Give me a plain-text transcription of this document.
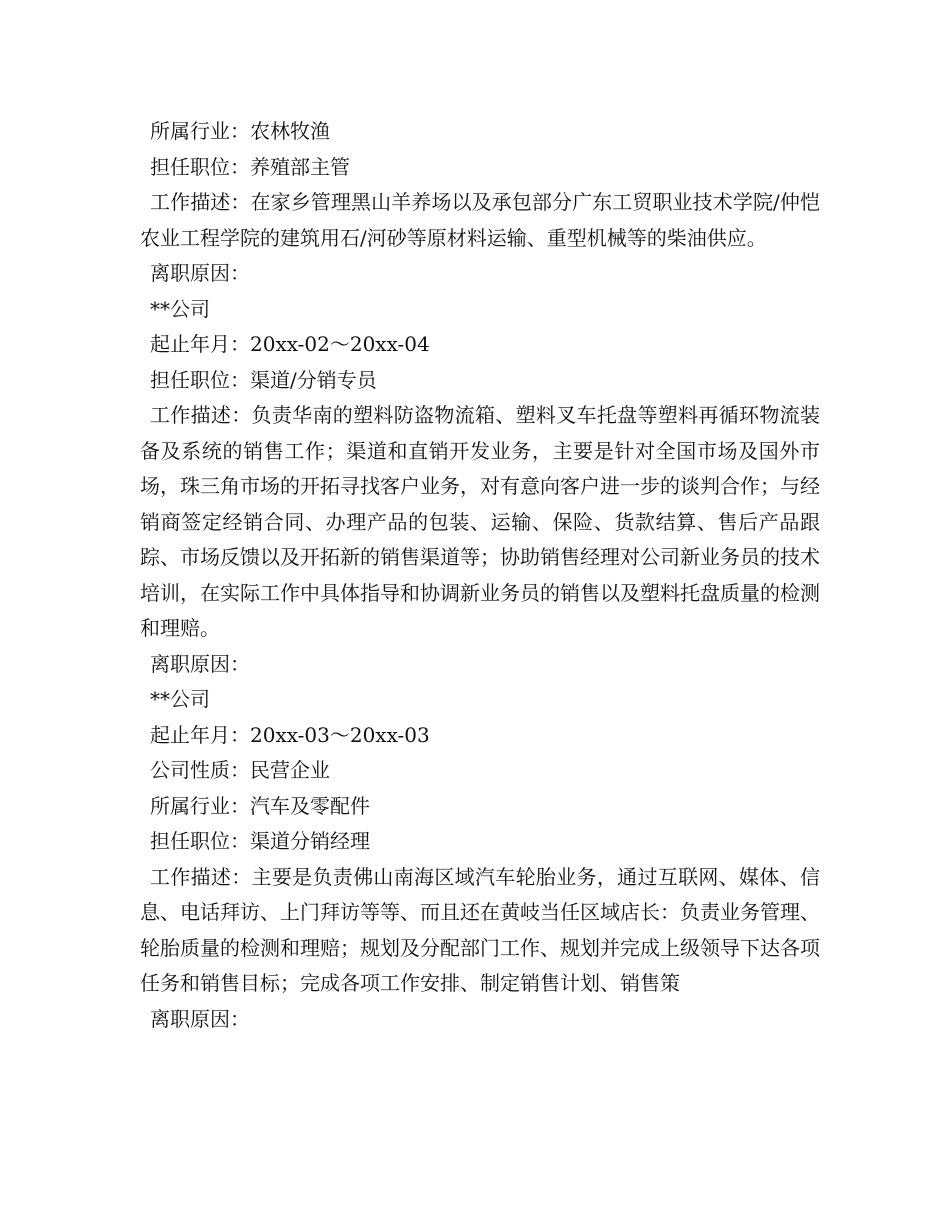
所属行业：农林牧渔

担任职位：养殖部主管

工作描述：在家乡管理黑山羊养场以及承包部分广东工贸职业技术学院/仲恺农业工程学院的建筑用石/河砂等原材料运输、重型机械等的柴油供应。

离职原因：

**公司

起止年月：20xx-02～20xx-04

担任职位：渠道/分销专员

工作描述：负责华南的塑料防盗物流箱、塑料叉车托盘等塑料再循环物流装备及系统的销售工作；渠道和直销开发业务，主要是针对全国市场及国外市场，珠三角市场的开拓寻找客户业务，对有意向客户进一步的谈判合作；与经销商签定经销合同、办理产品的包装、运输、保险、货款结算、售后产品跟踪、市场反馈以及开拓新的销售渠道等；协助销售经理对公司新业务员的技术培训，在实际工作中具体指导和协调新业务员的销售以及塑料托盘质量的检测和理赔。

离职原因：

**公司

起止年月：20xx-03～20xx-03

公司性质：民营企业

所属行业：汽车及零配件

担任职位：渠道分销经理

工作描述：主要是负责佛山南海区域汽车轮胎业务，通过互联网、媒体、信息、电话拜访、上门拜访等等、而且还在黄岐当任区域店长：负责业务管理、轮胎质量的检测和理赔；规划及分配部门工作、规划并完成上级领导下达各项任务和销售目标；完成各项工作安排、制定销售计划、销售策

离职原因：
